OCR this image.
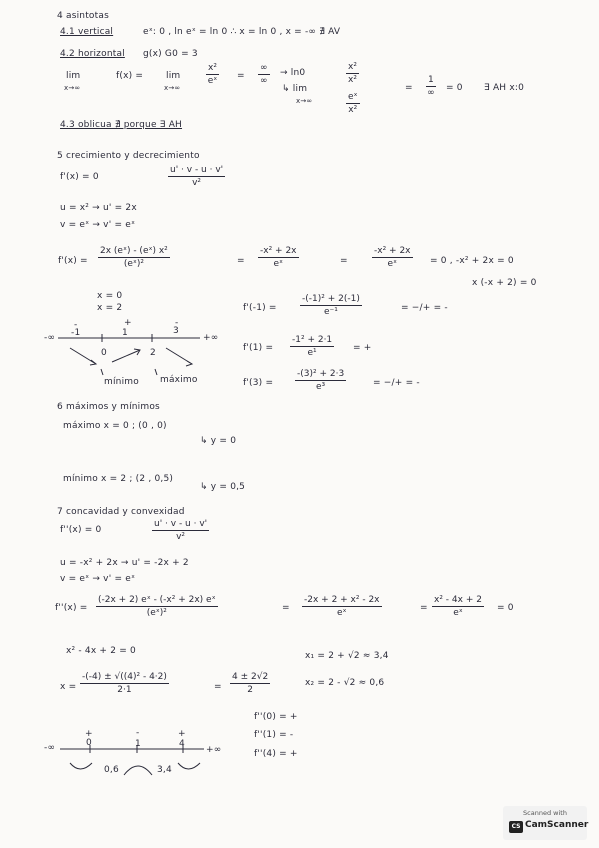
4 asintotas
4.1 vertical	eˣ: 0 , ln eˣ = ln 0 ∴ x = ln 0 , x = -∞ ∄ AV
4.2 horizontal g(x) G0 = 3
lim
x→∞
f(x) =	lim
x→∞
$\frac{\text{x²}}{\text{eˣ}}$ =
∞
∞
→ ln0
↳ lim
x→∞
$\frac{\text{x²}}{\text{x²}}$
$\frac{\text{eˣ}}{\text{x²}}$
=
1
∞ = 0 ∃ AH x:0
4.3 oblicua ∄ porque ∃ AH
5 crecimiento y decrecimiento
f'(x) = 0	$\frac{u' \cdot v - u \cdot v'}{\text{v²}}$
u = x² → u' = 2x
v = eˣ → v' = eˣ
$f'(x) = \frac{\text{2x (eˣ) - (eˣ) x²}}{\text{(eˣ)²}}$	= $\frac{\text{-x² + 2x}}{\text{eˣ}}$	=	$\frac{\text{-x² + 2x}}{\text{eˣ}} = 0$ , -x² + 2x = 0
x (-x + 2) = 0
x = 0
x = 2
-	+	-
-1	1	3
-∞	+∞
0	2
mínimo máximo
f'(-1) =	$\frac{\text{-(-1)² + 2(-1)}}{\text{e⁻¹}}$	= −/+ = -
$f'(1) = \frac{\text{-1² + 2·1}}{\text{e¹}}$ = +
$f'(3) = \frac{\text{-(3)² + 2·3}}{\text{e³}}$	= −/+ = -
6 máximos y mínimos
máximo x = 0 ; (0 , 0)
↳ y = 0
mínimo x = 2 ; (2 , 0,5)
↳ y = 0,5
7 concavidad y convexidad
f''(x) = 0	$\frac{u' \cdot v - u \cdot v'}{\text{v²}}$
u = -x² + 2x → u' = -2x + 2
v = eˣ → v' = eˣ
$f''(x) = \frac{\text{(-2x + 2) eˣ - (-x² + 2x) eˣ}}{\text{(eˣ)²}}$	= $\frac{\text{-2x + 2 + x² - 2x}}{\text{eˣ}}$	= $\frac{\text{x² - 4x + 2}}{\text{eˣ}} = 0$
x² - 4x + 2 = 0	x₁ = 2 + √2 ≈ 3,4
x₂ = 2 - √2 ≈ 0,6
$x = \frac{\text{-(-4) ± √((4)² - 4·2)}}{2\cdot 1}$	= $\frac{4 \pm 2√2}{2}$
f''(0) = +
f''(1) = -
f''(4) = +
+	-	+
0	1	4
-∞	+∞
0,6	3,4
Scanned with
CS CamScanner
